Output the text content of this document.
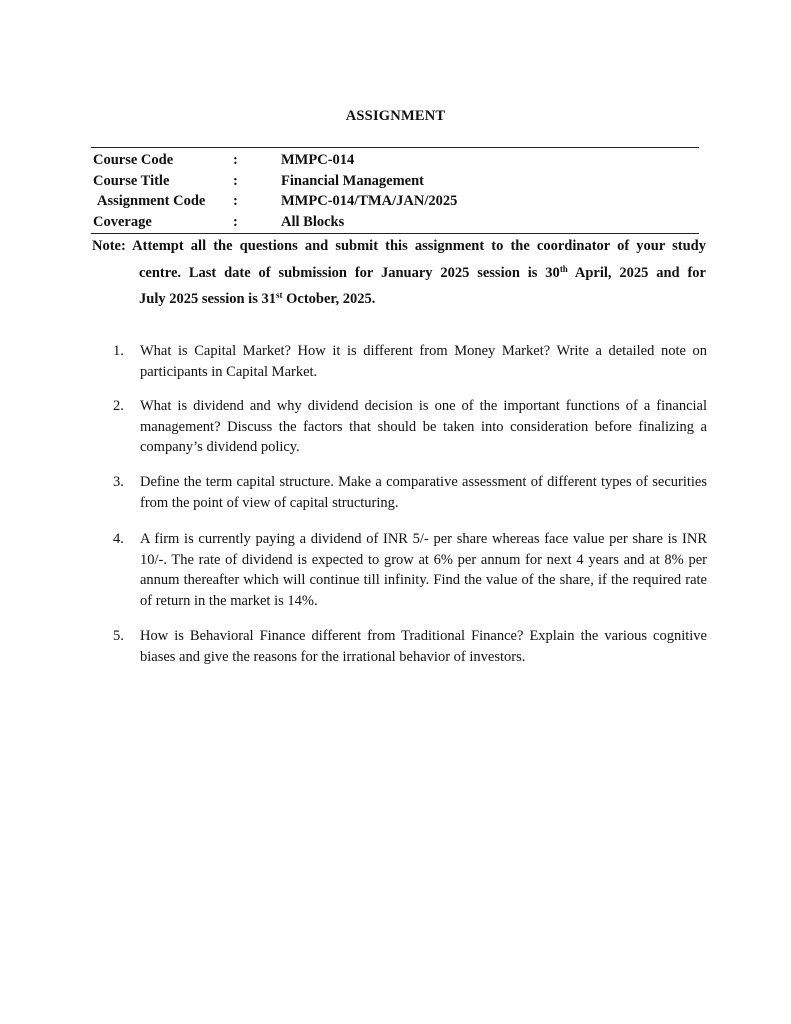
ASSIGNMENT
Course Code	:	MMPC-014
Course Title	:	Financial Management
Assignment Code :	MMPC-014/TMA/JAN/2025
Coverage	:	All Blocks
Note: Attempt all the questions and submit this assignment to the coordinator of your study
centre. Last date of submission for January 2025 session is 30th April, 2025 and for
July 2025 session is 31st October, 2025.
1. What is Capital Market? How it is different from Money Market? Write a detailed note on participants in Capital Market.
2. What is dividend and why dividend decision is one of the important functions of a financial management? Discuss the factors that should be taken into consideration before finalizing a company’s dividend policy.
3. Define the term capital structure. Make a comparative assessment of different types of securities from the point of view of capital structuring.
4. A firm is currently paying a dividend of INR 5/- per share whereas face value per share is INR 10/-. The rate of dividend is expected to grow at 6% per annum for next 4 years and at 8% per annum thereafter which will continue till infinity. Find the value of the share, if the required rate of return in the market is 14%.
5. How is Behavioral Finance different from Traditional Finance? Explain the various cognitive biases and give the reasons for the irrational behavior of investors.
